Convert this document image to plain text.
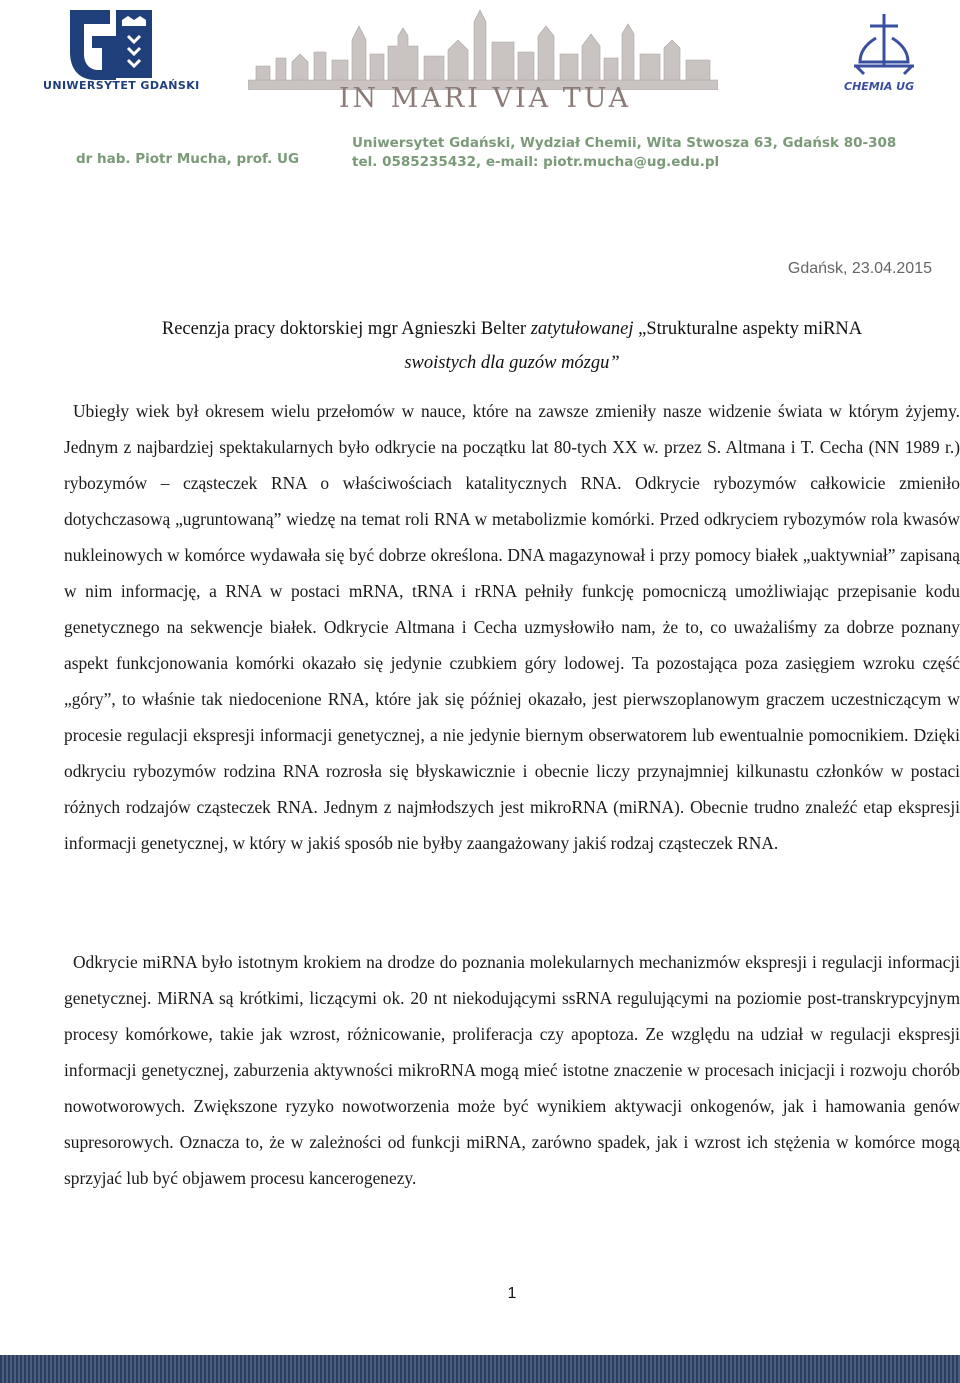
UNIWERSYTET GDAŃSKI	IN MARI VIA TUA	CHEMIA UG
dr hab. Piotr Mucha, prof. UG
Uniwersytet Gdański, Wydział Chemii, Wita Stwosza 63, Gdańsk 80-308
tel. 0585235432, e-mail: piotr.mucha@ug.edu.pl
Gdańsk, 23.04.2015
Recenzja pracy doktorskiej mgr Agnieszki Belter zatytułowanej „Strukturalne aspekty miRNA
swoistych dla guzów mózgu”
Ubiegły wiek był okresem wielu przełomów w nauce, które na zawsze zmieniły nasze widzenie świata w którym żyjemy. Jednym z najbardziej spektakularnych było odkrycie na początku lat 80-tych XX w. przez S. Altmana i T. Cecha (NN 1989 r.) rybozymów – cząsteczek RNA o właściwościach katalitycznych RNA. Odkrycie rybozymów całkowicie zmieniło dotychczasową „ugruntowaną” wiedzę na temat roli RNA w metabolizmie komórki. Przed odkryciem rybozymów rola kwasów nukleinowych w komórce wydawała się być dobrze określona. DNA magazynował i przy pomocy białek „uaktywniał” zapisaną w nim informację, a RNA w postaci mRNA, tRNA i rRNA pełniły funkcję pomocniczą umożliwiając przepisanie kodu genetycznego na sekwencje białek. Odkrycie Altmana i Cecha uzmysłowiło nam, że to, co uważaliśmy za dobrze poznany aspekt funkcjonowania komórki okazało się jedynie czubkiem góry lodowej. Ta pozostająca poza zasięgiem wzroku część „góry”, to właśnie tak niedocenione RNA, które jak się później okazało, jest pierwszoplanowym graczem uczestniczącym w procesie regulacji ekspresji informacji genetycznej, a nie jedynie biernym obserwatorem lub ewentualnie pomocnikiem. Dzięki odkryciu rybozymów rodzina RNA rozrosła się błyskawicznie i obecnie liczy przynajmniej kilkunastu członków w postaci różnych rodzajów cząsteczek RNA. Jednym z najmłodszych jest mikroRNA (miRNA). Obecnie trudno znaleźć etap ekspresji informacji genetycznej, w który w jakiś sposób nie byłby zaangażowany jakiś rodzaj cząsteczek RNA.
Odkrycie miRNA było istotnym krokiem na drodze do poznania molekularnych mechanizmów ekspresji i regulacji informacji genetycznej. MiRNA są krótkimi, liczącymi ok. 20 nt niekodującymi ssRNA regulującymi na poziomie post-transkrypcyjnym procesy komórkowe, takie jak wzrost, różnicowanie, proliferacja czy apoptoza. Ze względu na udział w regulacji ekspresji informacji genetycznej, zaburzenia aktywności mikroRNA mogą mieć istotne znaczenie w procesach inicjacji i rozwoju chorób nowotworowych. Zwiększone ryzyko nowotworzenia może być wynikiem aktywacji onkogenów, jak i hamowania genów supresorowych. Oznacza to, że w zależności od funkcji miRNA, zarówno spadek, jak i wzrost ich stężenia w komórce mogą sprzyjać lub być objawem procesu kancerogenezy.
1
